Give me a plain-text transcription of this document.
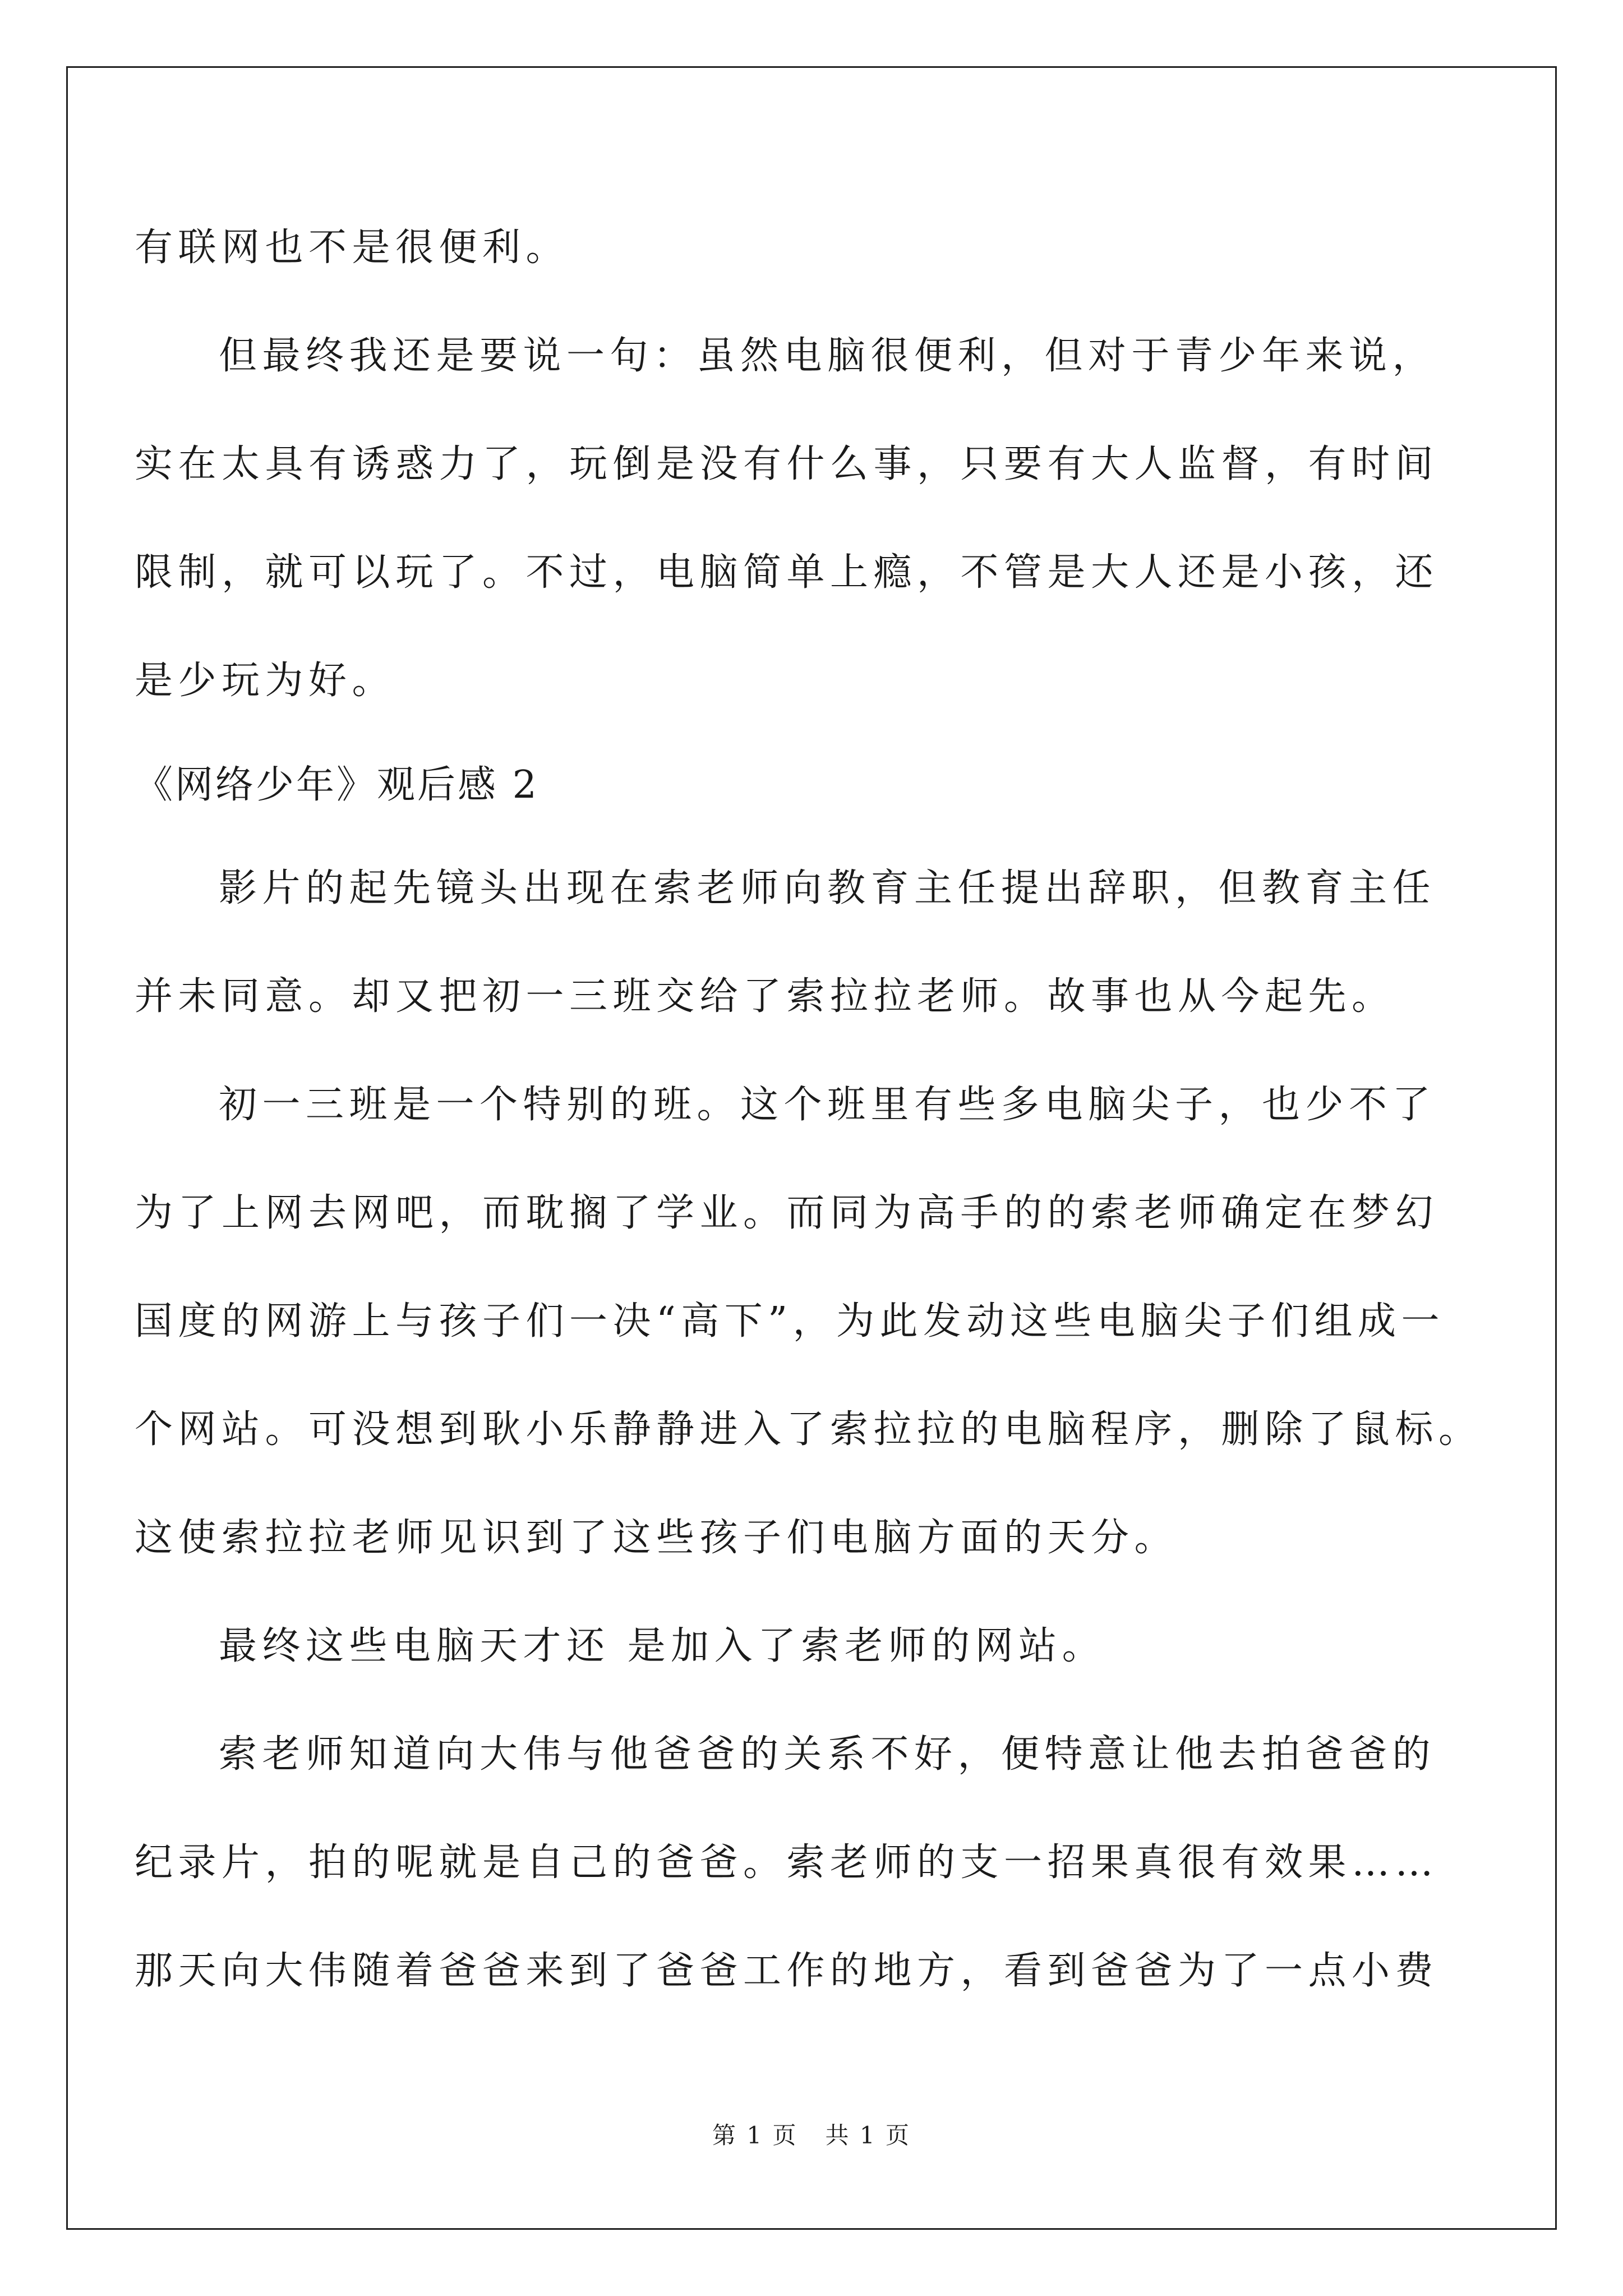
有联网也不是很便利。
但最终我还是要说一句：虽然电脑很便利，但对于青少年来说，
实在太具有诱惑力了，玩倒是没有什么事，只要有大人监督，有时间
限制，就可以玩了。不过，电脑简单上瘾，不管是大人还是小孩，还
是少玩为好。
《网络少年》观后感 2
影片的起先镜头出现在索老师向教育主任提出辞职，但教育主任
并未同意。却又把初一三班交给了索拉拉老师。故事也从今起先。
初一三班是一个特别的班。这个班里有些多电脑尖子，也少不了
为了上网去网吧，而耽搁了学业。而同为高手的的索老师确定在梦幻
国度的网游上与孩子们一决“高下”，为此发动这些电脑尖子们组成一
个网站。可没想到耿小乐静静进入了索拉拉的电脑程序，删除了鼠标。
这使索拉拉老师见识到了这些孩子们电脑方面的天分。
最终这些电脑天才还 是加入了索老师的网站。
索老师知道向大伟与他爸爸的关系不好，便特意让他去拍爸爸的
纪录片，拍的呢就是自己的爸爸。索老师的支一招果真很有效果……
那天向大伟随着爸爸来到了爸爸工作的地方，看到爸爸为了一点小费
第 1 页   共 1 页
